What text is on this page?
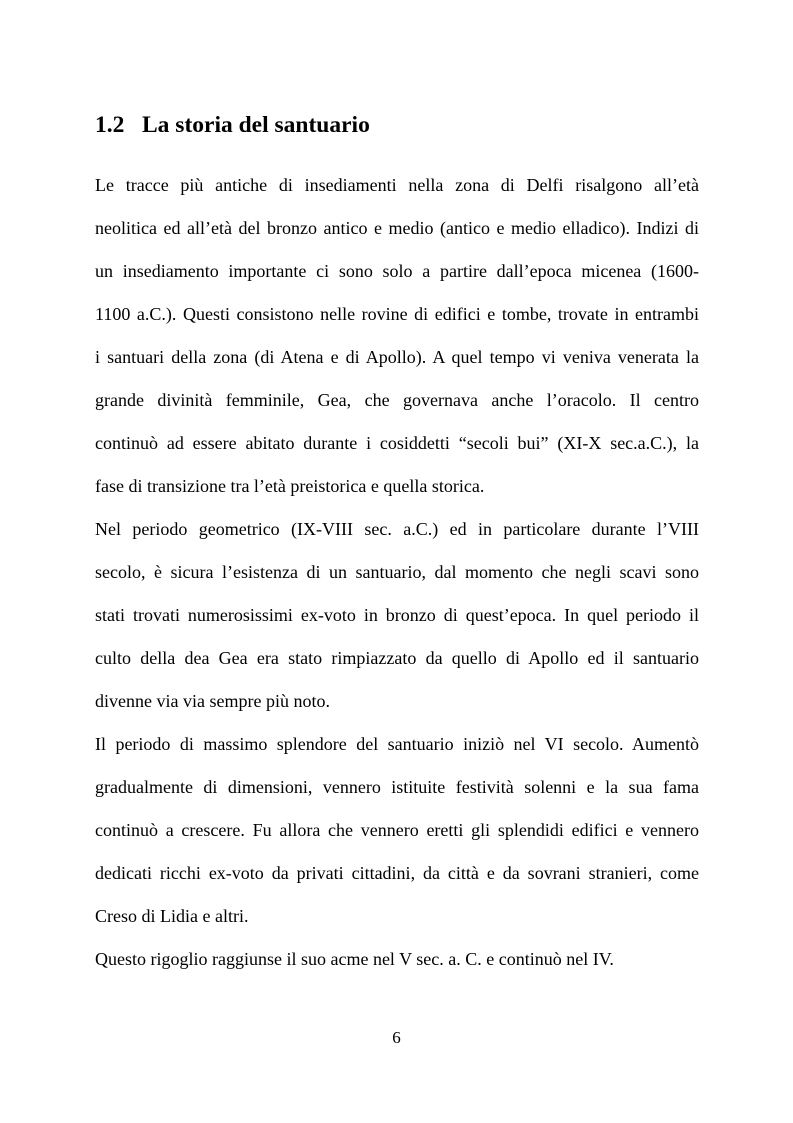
1.2 La storia del santuario
Le tracce più antiche di insediamenti nella zona di Delfi risalgono all’età
neolitica ed all’età del bronzo antico e medio (antico e medio elladico). Indizi di
un insediamento importante ci sono solo a partire dall’epoca micenea (1600-
1100 a.C.). Questi consistono nelle rovine di edifici e tombe, trovate in entrambi
i santuari della zona (di Atena e di Apollo). A quel tempo vi veniva venerata la
grande divinità femminile, Gea, che governava anche l’oracolo. Il centro
continuò ad essere abitato durante i cosiddetti “secoli bui” (XI-X sec.a.C.), la
fase di transizione tra l’età preistorica e quella storica.
Nel periodo geometrico (IX-VIII sec. a.C.) ed in particolare durante l’VIII
secolo, è sicura l’esistenza di un santuario, dal momento che negli scavi sono
stati trovati numerosissimi ex-voto in bronzo di quest’epoca. In quel periodo il
culto della dea Gea era stato rimpiazzato da quello di Apollo ed il santuario
divenne via via sempre più noto.
Il periodo di massimo splendore del santuario iniziò nel VI secolo. Aumentò
gradualmente di dimensioni, vennero istituite festività solenni e la sua fama
continuò a crescere. Fu allora che vennero eretti gli splendidi edifici e vennero
dedicati ricchi ex-voto da privati cittadini, da città e da sovrani stranieri, come
Creso di Lidia e altri.
Questo rigoglio raggiunse il suo acme nel V sec. a. C. e continuò nel IV.
6
